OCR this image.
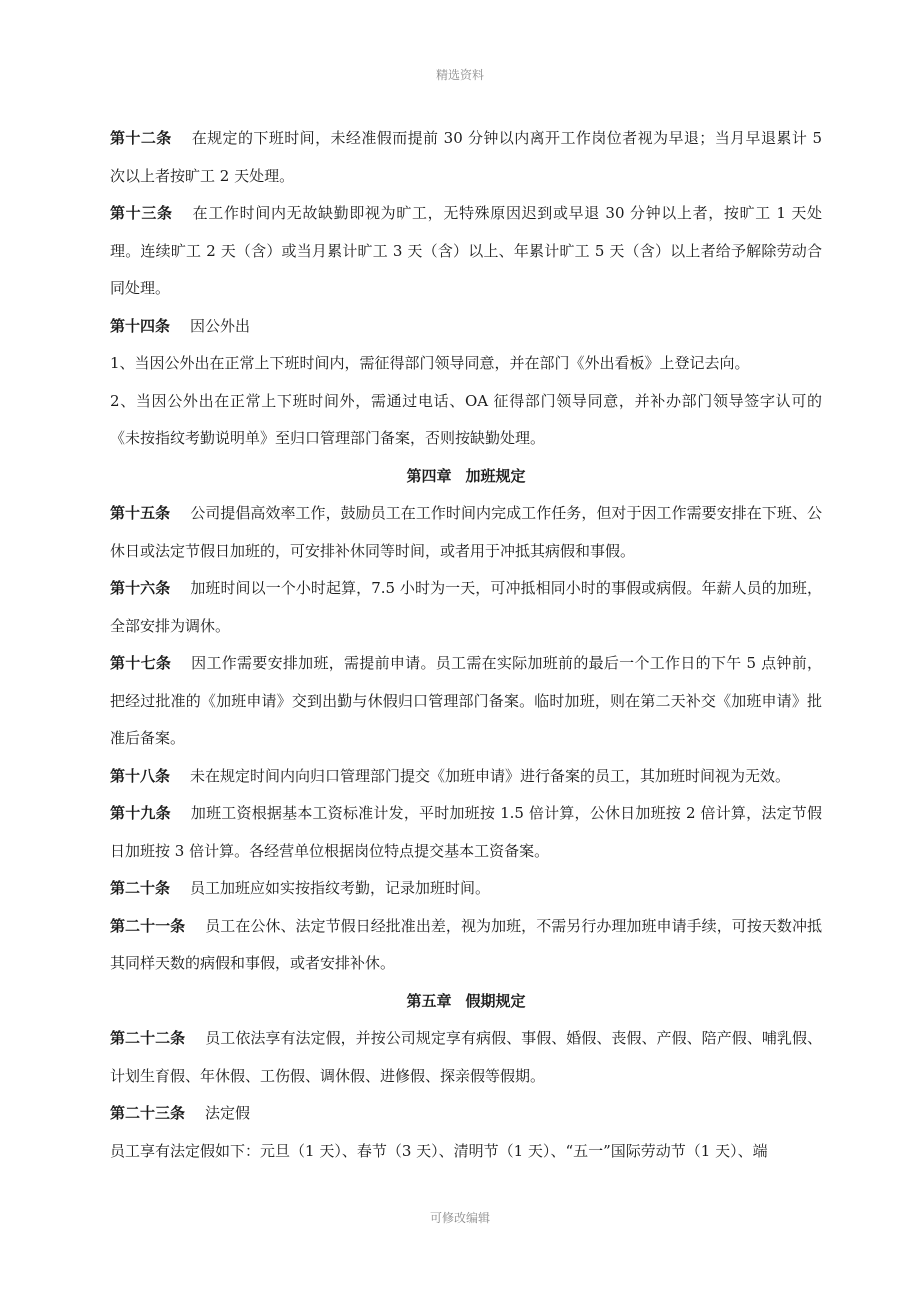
精选资料

第十二条 在规定的下班时间，未经准假而提前 30 分钟以内离开工作岗位者视为早退；当月早退累计 5 次以上者按旷工 2 天处理。

第十三条 在工作时间内无故缺勤即视为旷工，无特殊原因迟到或早退 30 分钟以上者，按旷工 1 天处理。连续旷工 2 天（含）或当月累计旷工 3 天（含）以上、年累计旷工 5 天（含）以上者给予解除劳动合同处理。

第十四条 因公外出

1、当因公外出在正常上下班时间内，需征得部门领导同意，并在部门《外出看板》上登记去向。

2、当因公外出在正常上下班时间外，需通过电话、OA 征得部门领导同意，并补办部门领导签字认可的《未按指纹考勤说明单》至归口管理部门备案，否则按缺勤处理。

第四章 加班规定

第十五条 公司提倡高效率工作，鼓励员工在工作时间内完成工作任务，但对于因工作需要安排在下班、公休日或法定节假日加班的，可安排补休同等时间，或者用于冲抵其病假和事假。

第十六条 加班时间以一个小时起算，7.5 小时为一天，可冲抵相同小时的事假或病假。年薪人员的加班，全部安排为调休。

第十七条 因工作需要安排加班，需提前申请。员工需在实际加班前的最后一个工作日的下午 5 点钟前，把经过批准的《加班申请》交到出勤与休假归口管理部门备案。临时加班，则在第二天补交《加班申请》批准后备案。

第十八条 未在规定时间内向归口管理部门提交《加班申请》进行备案的员工，其加班时间视为无效。

第十九条 加班工资根据基本工资标准计发，平时加班按 1.5 倍计算，公休日加班按 2 倍计算，法定节假日加班按 3 倍计算。各经营单位根据岗位特点提交基本工资备案。

第二十条 员工加班应如实按指纹考勤，记录加班时间。

第二十一条 员工在公休、法定节假日经批准出差，视为加班，不需另行办理加班申请手续，可按天数冲抵其同样天数的病假和事假，或者安排补休。

第五章 假期规定

第二十二条 员工依法享有法定假，并按公司规定享有病假、事假、婚假、丧假、产假、陪产假、哺乳假、计划生育假、年休假、工伤假、调休假、进修假、探亲假等假期。

第二十三条 法定假

员工享有法定假如下：元旦（1 天）、春节（3 天）、清明节（1 天）、“五一”国际劳动节（1 天）、端

可修改编辑
